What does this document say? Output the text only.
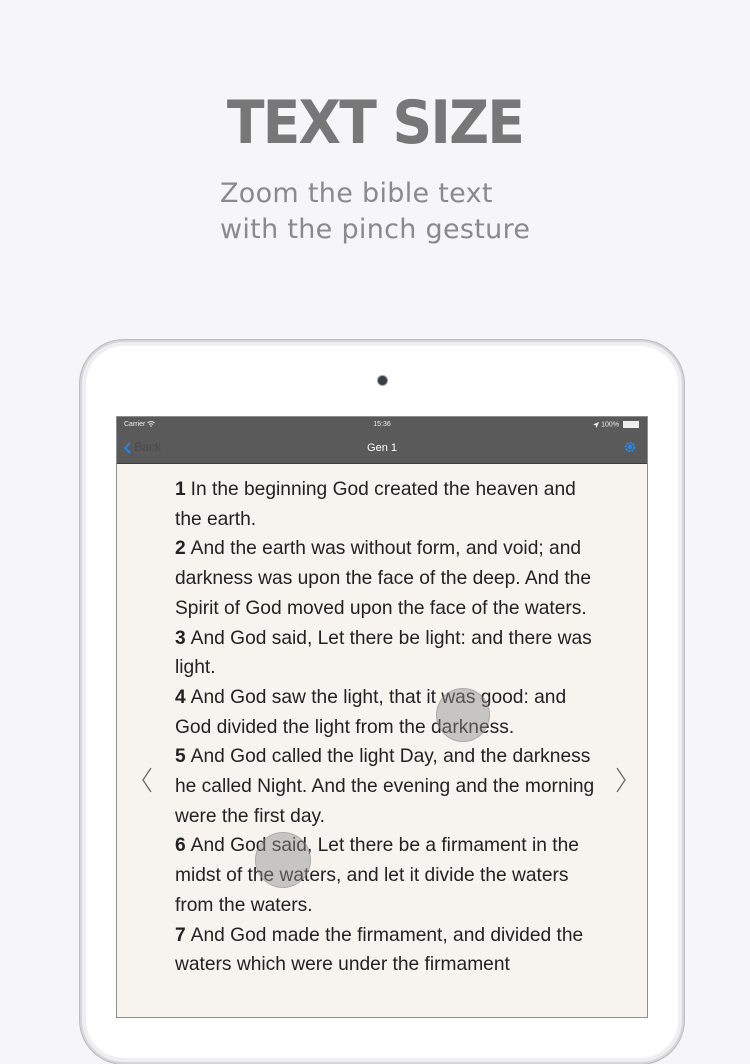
TEXT SIZE
Zoom the bible text
with the pinch gesture
Carrier	15:36	100%
Back	Gen 1

1 In the beginning God created the heaven and the earth.

2 And the earth was without form, and void; and darkness was upon the face of the deep. And the Spirit of God moved upon the face of the waters.

3 And God said, Let there be light: and there was light.

4 And God saw the light, that it was good: and God divided the light from the darkness.

5 And God called the light Day, and the darkness he called Night. And the evening and the morning were the first day.

6 And God said, Let there be a firmament in the midst of the waters, and let it divide the waters from the waters.

7 And God made the firmament, and divided the waters which were under the firmament
